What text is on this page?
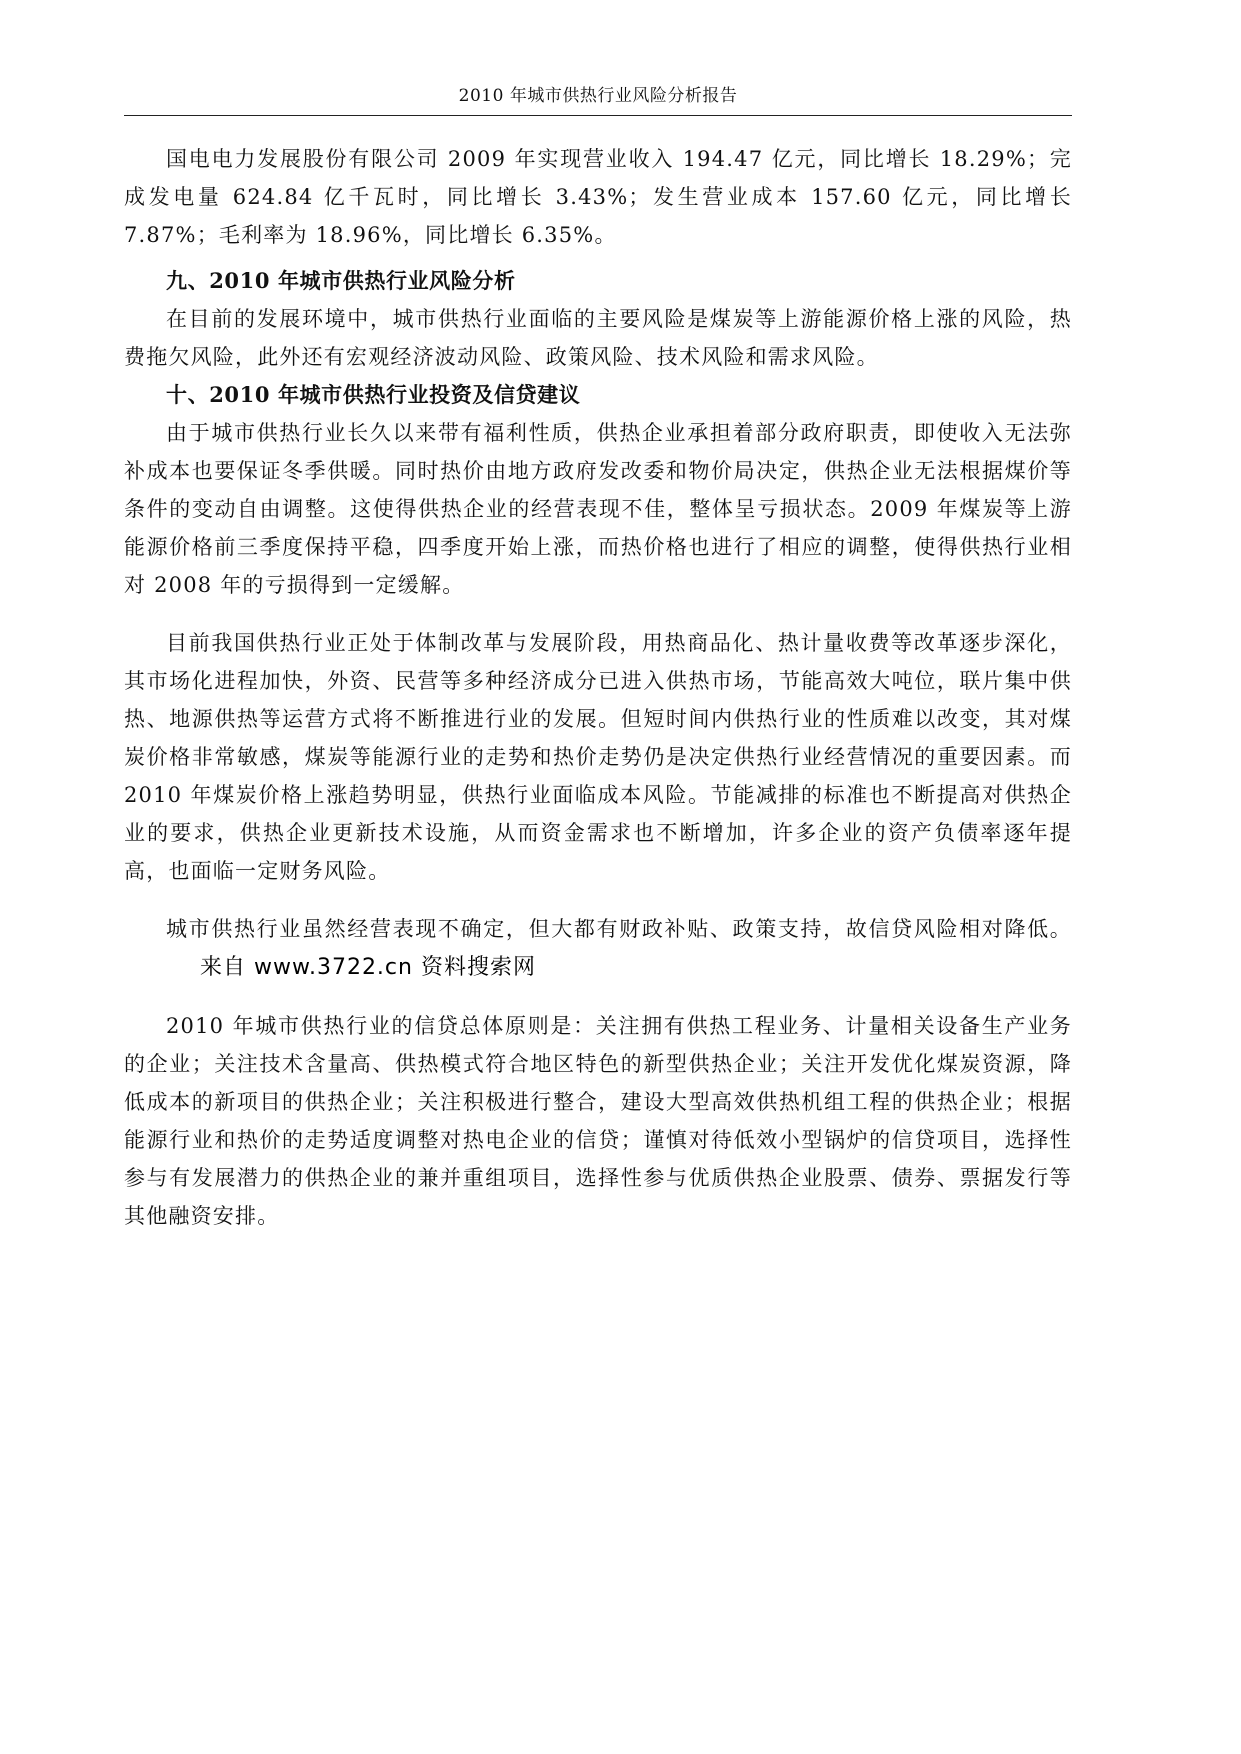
2010 年城市供热行业风险分析报告

国电电力发展股份有限公司 2009 年实现营业收入 194.47 亿元，同比增长 18.29%；完成发电量 624.84 亿千瓦时，同比增长 3.43%；发生营业成本 157.60 亿元，同比增长 7.87%；毛利率为 18.96%，同比增长 6.35%。

九、2010 年城市供热行业风险分析

在目前的发展环境中，城市供热行业面临的主要风险是煤炭等上游能源价格上涨的风险，热费拖欠风险，此外还有宏观经济波动风险、政策风险、技术风险和需求风险。

十、2010 年城市供热行业投资及信贷建议

由于城市供热行业长久以来带有福利性质，供热企业承担着部分政府职责，即使收入无法弥补成本也要保证冬季供暖。同时热价由地方政府发改委和物价局决定，供热企业无法根据煤价等条件的变动自由调整。这使得供热企业的经营表现不佳，整体呈亏损状态。2009 年煤炭等上游能源价格前三季度保持平稳，四季度开始上涨，而热价格也进行了相应的调整，使得供热行业相对 2008 年的亏损得到一定缓解。

目前我国供热行业正处于体制改革与发展阶段，用热商品化、热计量收费等改革逐步深化，其市场化进程加快，外资、民营等多种经济成分已进入供热市场，节能高效大吨位，联片集中供热、地源供热等运营方式将不断推进行业的发展。但短时间内供热行业的性质难以改变，其对煤炭价格非常敏感，煤炭等能源行业的走势和热价走势仍是决定供热行业经营情况的重要因素。而 2010 年煤炭价格上涨趋势明显，供热行业面临成本风险。节能减排的标准也不断提高对供热企业的要求，供热企业更新技术设施，从而资金需求也不断增加，许多企业的资产负债率逐年提高，也面临一定财务风险。

城市供热行业虽然经营表现不确定，但大都有财政补贴、政策支持，故信贷风险相对降低。来自 www.3722.cn 资料搜索网

2010 年城市供热行业的信贷总体原则是：关注拥有供热工程业务、计量相关设备生产业务的企业；关注技术含量高、供热模式符合地区特色的新型供热企业；关注开发优化煤炭资源，降低成本的新项目的供热企业；关注积极进行整合，建设大型高效供热机组工程的供热企业；根据能源行业和热价的走势适度调整对热电企业的信贷；谨慎对待低效小型锅炉的信贷项目，选择性参与有发展潜力的供热企业的兼并重组项目，选择性参与优质供热企业股票、债券、票据发行等其他融资安排。
